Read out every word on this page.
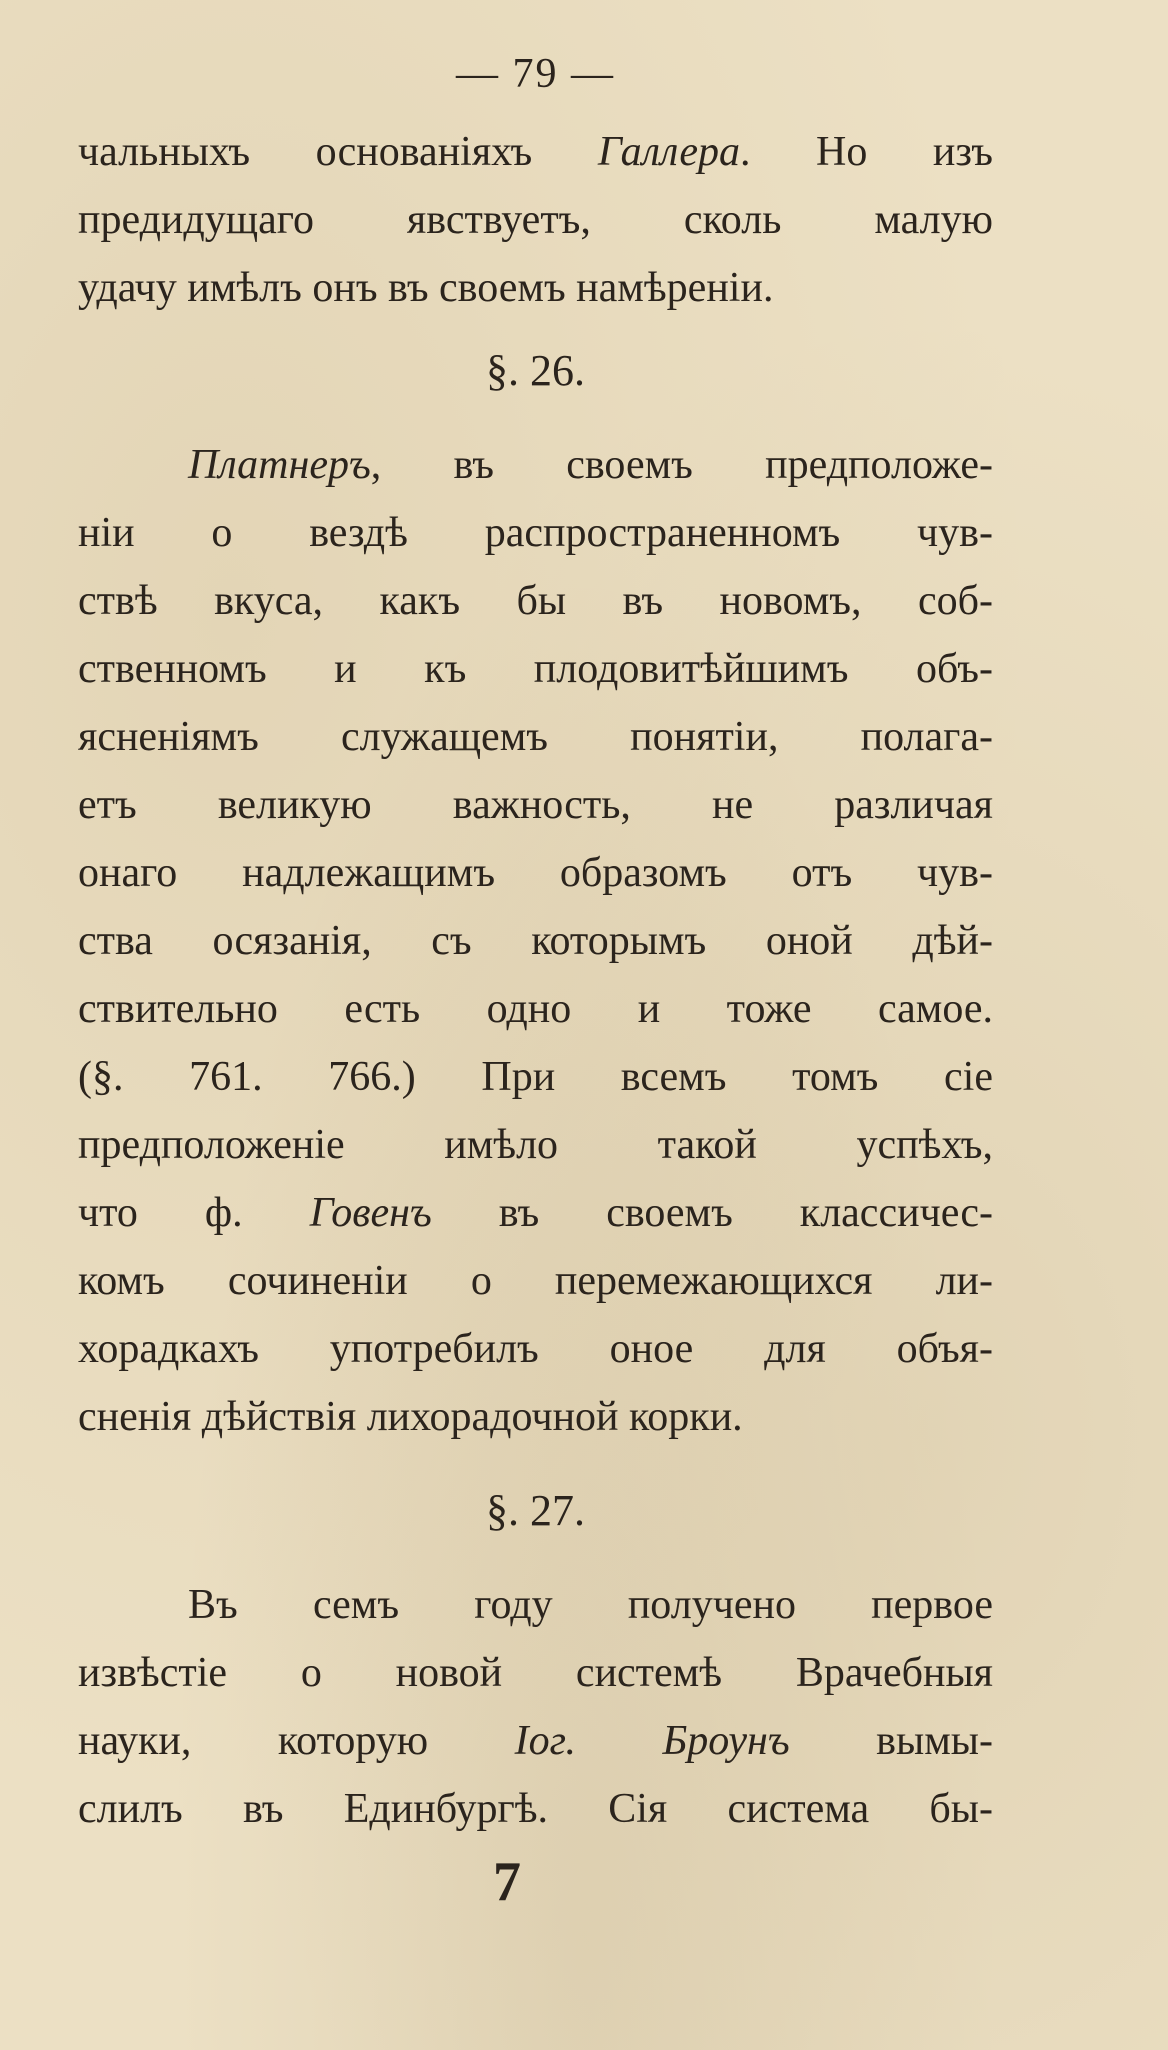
— 79 —
чальныхъ основаніяхъ Галлера. Но изъ
предидущаго явствуетъ, сколь малую
удачу имѣлъ онъ въ своемъ намѣреніи.
§. 26.
Платнеръ, въ своемъ предположе-
ніи о вездѣ распространенномъ чув-
ствѣ вкуса, какъ бы въ новомъ, соб-
ственномъ и къ плодовитѣйшимъ объ-
ясненіямъ служащемъ понятіи, полага-
етъ великую важность, не различая
онаго надлежащимъ образомъ отъ чув-
ства осязанія, съ которымъ оной дѣй-
ствительно есть одно и тоже самое.
(§. 761. 766.) При всемъ томъ сіе
предположеніе имѣло такой успѣхъ,
что ф. Говенъ въ своемъ классичес-
комъ сочиненіи о перемежающихся ли-
хорадкахъ употребилъ оное для объя-
сненія дѣйствія лихорадочной корки.
§. 27.
Въ семъ году получено первое
извѣстіе о новой системѣ Врачебныя
науки, которую Іог. Броунъ вымы-
слилъ въ Единбургѣ. Сія система бы-
7
